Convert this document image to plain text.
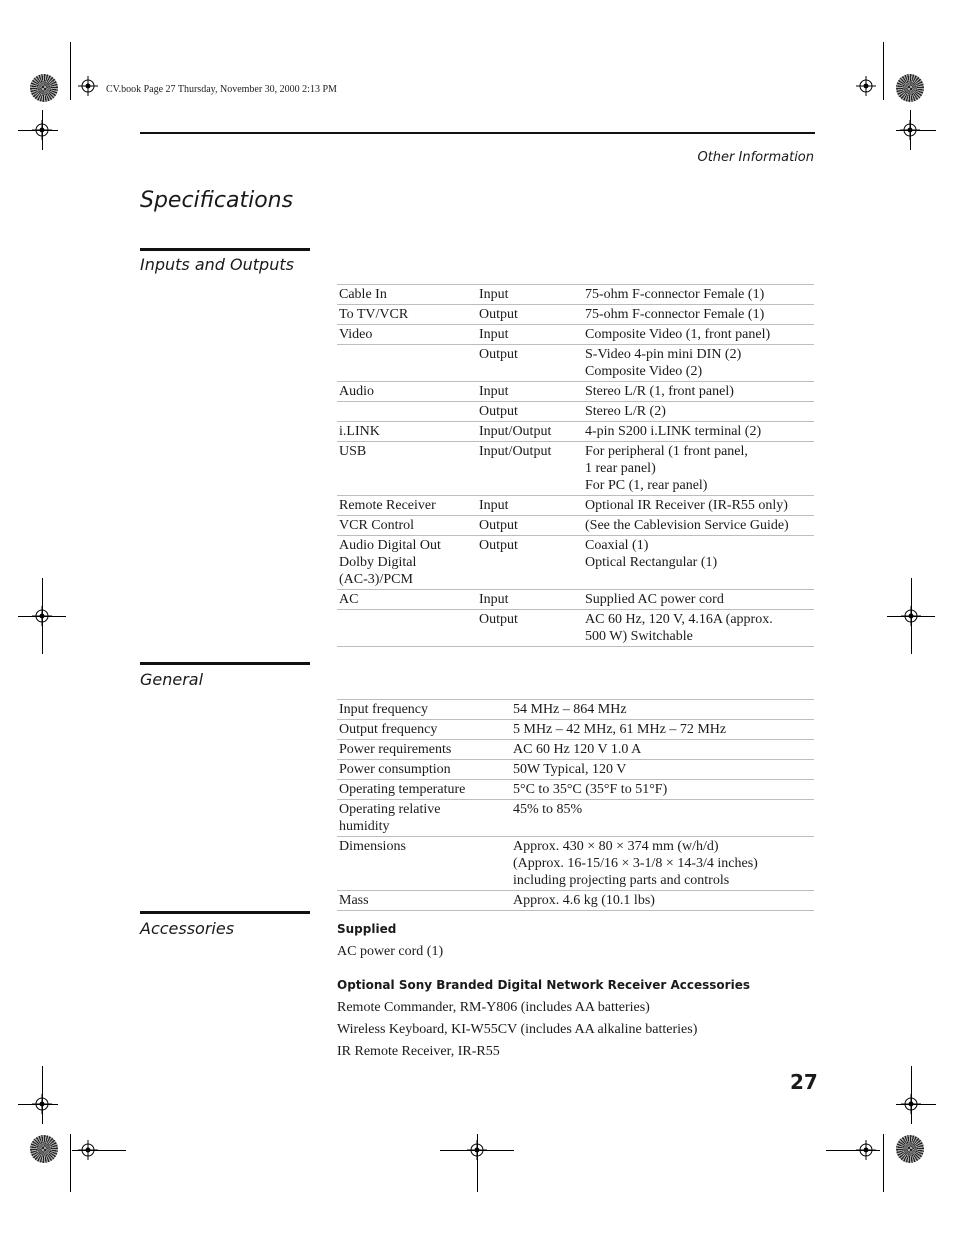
CV.book Page 27 Thursday, November 30, 2000 2:13 PM
Other Information
Specifications
Inputs and Outputs
Cable In	Input	75-ohm F-connector Female (1)
To TV/VCR	Output	75-ohm F-connector Female (1)
Video	Input	Composite Video (1, front panel)
	Output	S-Video 4-pin mini DIN (2)
Composite Video (2)
Audio	Input	Stereo L/R (1, front panel)
	Output	Stereo L/R (2)
i.LINK	Input/Output	4-pin S200 i.LINK terminal (2)
USB	Input/Output	For peripheral (1 front panel,
1 rear panel)
For PC (1, rear panel)
Remote Receiver	Input	Optional IR Receiver (IR-R55 only)
VCR Control	Output	(See the Cablevision Service Guide)
Audio Digital Out
Dolby Digital
(AC-3)/PCM	Output	Coaxial (1)
Optical Rectangular (1)
AC	Input	Supplied AC power cord
	Output	AC 60 Hz, 120 V, 4.16A (approx.
500 W) Switchable
General
Input frequency	54 MHz – 864 MHz
Output frequency	5 MHz – 42 MHz, 61 MHz – 72 MHz
Power requirements	AC 60 Hz 120 V 1.0 A
Power consumption	50W Typical, 120 V
Operating temperature	5°C to 35°C (35°F to 51°F)
Operating relative
humidity	45% to 85%
Dimensions	Approx. 430 × 80 × 374 mm (w/h/d)
(Approx. 16-15/16 × 3-1/8 × 14-3/4 inches)
including projecting parts and controls
Mass	Approx. 4.6 kg (10.1 lbs)
Accessories	Supplied
AC power cord (1)
Optional Sony Branded Digital Network Receiver Accessories
Remote Commander, RM-Y806 (includes AA batteries)
Wireless Keyboard, KI-W55CV (includes AA alkaline batteries)
IR Remote Receiver, IR-R55
27
